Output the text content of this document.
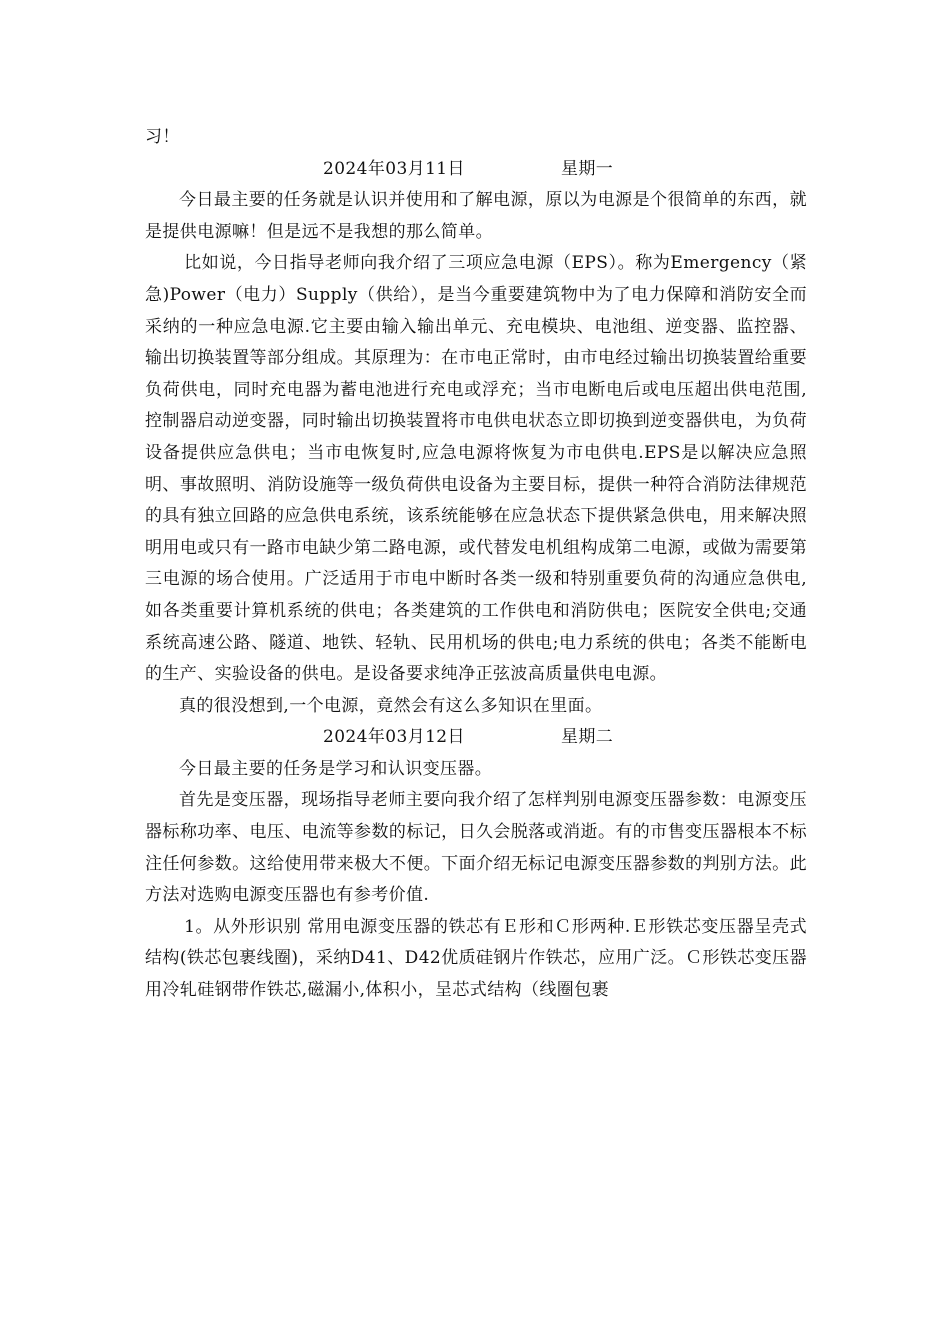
习！

2024年03月11日	星期一

今日最主要的任务就是认识并使用和了解电源，原以为电源是个很简单的东西，就是提供电源嘛！但是远不是我想的那么简单。

比如说，今日指导老师向我介绍了三项应急电源（EPS）。称为Emergency（紧急)Power（电力）Supply（供给），是当今重要建筑物中为了电力保障和消防安全而采纳的一种应急电源.它主要由输入输出单元、充电模块、电池组、逆变器、监控器、输出切换装置等部分组成。其原理为：在市电正常时，由市电经过输出切换装置给重要负荷供电，同时充电器为蓄电池进行充电或浮充；当市电断电后或电压超出供电范围,控制器启动逆变器，同时输出切换装置将市电供电状态立即切换到逆变器供电，为负荷设备提供应急供电；当市电恢复时,应急电源将恢复为市电供电.EPS是以解决应急照明、事故照明、消防设施等一级负荷供电设备为主要目标，提供一种符合消防法律规范的具有独立回路的应急供电系统，该系统能够在应急状态下提供紧急供电，用来解决照明用电或只有一路市电缺少第二路电源，或代替发电机组构成第二电源，或做为需要第三电源的场合使用。广泛适用于市电中断时各类一级和特别重要负荷的沟通应急供电,如各类重要计算机系统的供电；各类建筑的工作供电和消防供电；医院安全供电;交通系统高速公路、隧道、地铁、轻轨、民用机场的供电;电力系统的供电；各类不能断电的生产、实验设备的供电。是设备要求纯净正弦波高质量供电电源。

真的很没想到,一个电源，竟然会有这么多知识在里面。

2024年03月12日	星期二

今日最主要的任务是学习和认识变压器。

首先是变压器，现场指导老师主要向我介绍了怎样判别电源变压器参数：电源变压器标称功率、电压、电流等参数的标记，日久会脱落或消逝。有的市售变压器根本不标注任何参数。这给使用带来极大不便。下面介绍无标记电源变压器参数的判别方法。此方法对选购电源变压器也有参考价值.

1。从外形识别 常用电源变压器的铁芯有Ｅ形和Ｃ形两种.Ｅ形铁芯变压器呈壳式结构(铁芯包裹线圈)，采纳D41、D42优质硅钢片作铁芯，应用广泛。Ｃ形铁芯变压器用冷轧硅钢带作铁芯,磁漏小,体积小，呈芯式结构（线圈包裹
